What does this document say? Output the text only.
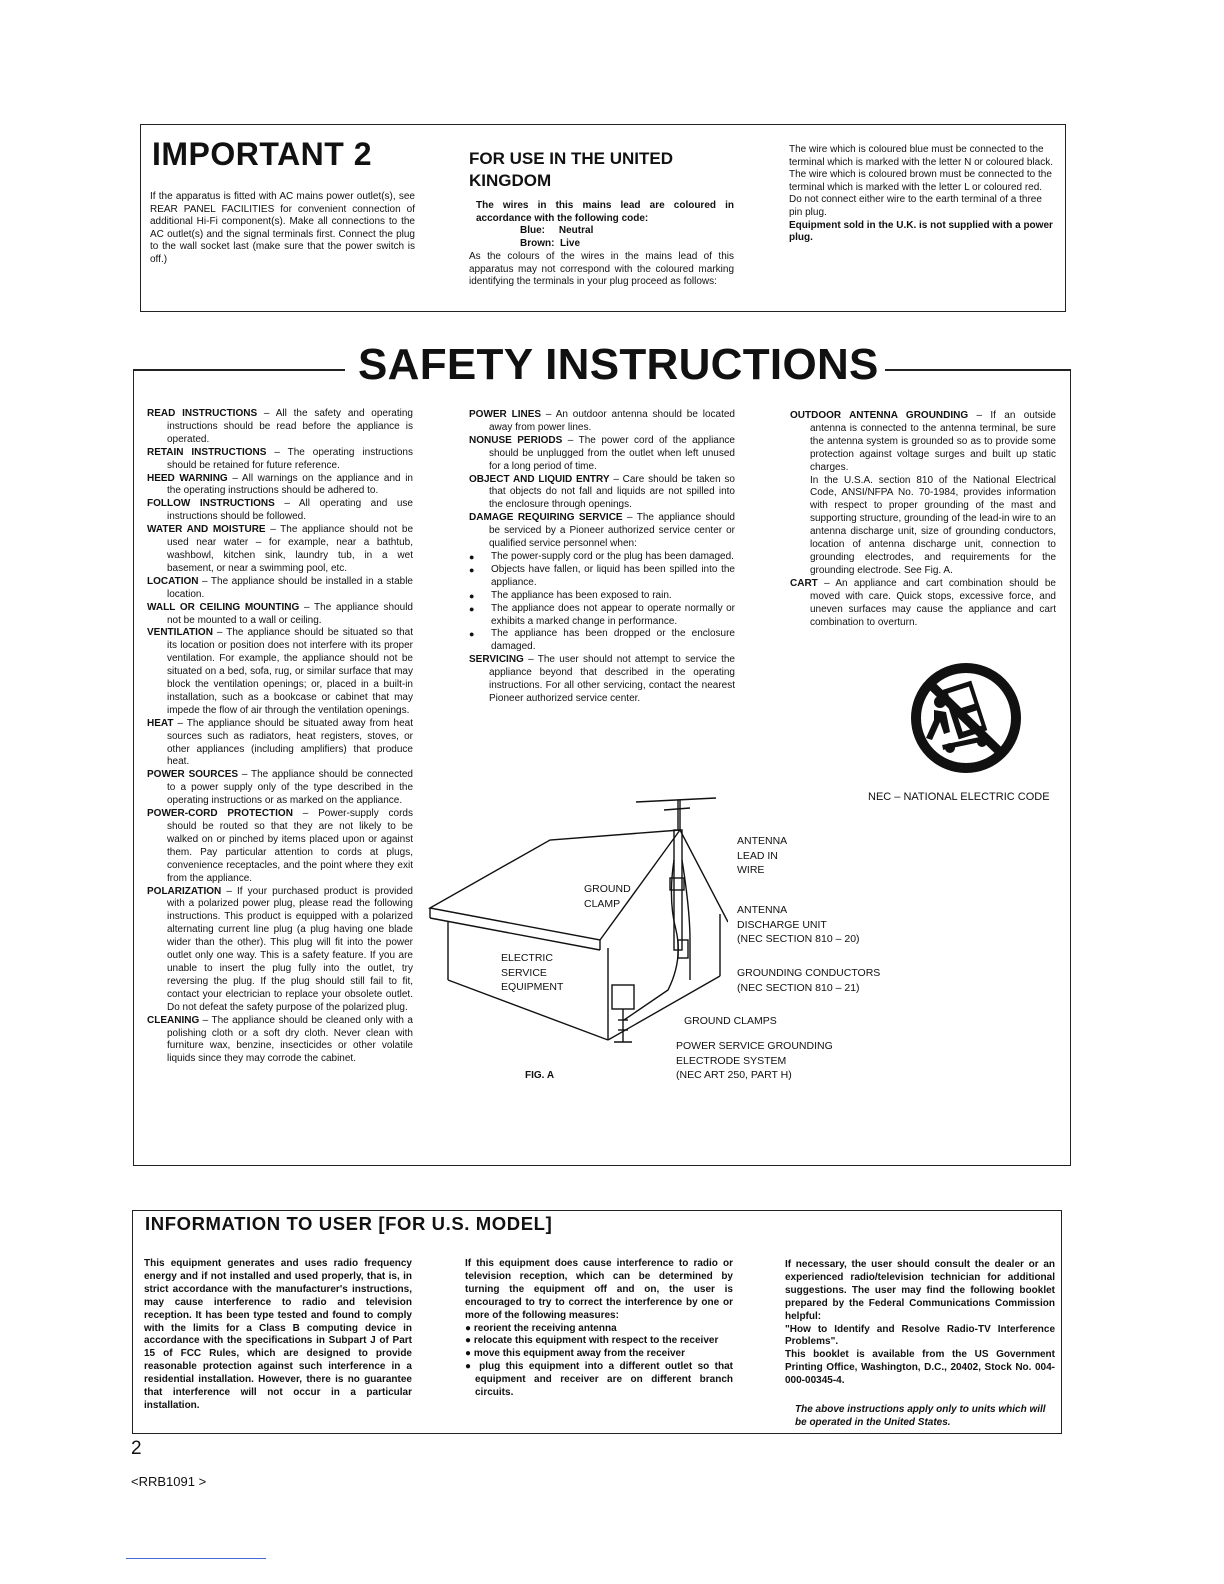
IMPORTANT 2
If the apparatus is fitted with AC mains power outlet(s), see REAR PANEL FACILITIES for convenient connection of additional Hi-Fi component(s). Make all connections to the AC outlet(s) and the signal terminals first. Connect the plug to the wall socket last (make sure that the power switch is off.)
FOR USE IN THE UNITED KINGDOM
The wires in this mains lead are coloured in accordance with the following code:
Blue:     Neutral
Brown:  Live
As the colours of the wires in the mains lead of this apparatus may not correspond with the coloured marking identifying the terminals in your plug proceed as follows:

The wire which is coloured blue must be connected to the terminal which is marked with the letter N or coloured black.

The wire which is coloured brown must be connected to the terminal which is marked with the letter L or coloured red.

Do not connect either wire to the earth terminal of a three pin plug.

Equipment sold in the U.K. is not supplied with a power plug.

SAFETY INSTRUCTIONS

READ INSTRUCTIONS – All the safety and operating instructions should be read before the appliance is operated.

RETAIN INSTRUCTIONS – The operating instructions should be retained for future reference.

HEED WARNING – All warnings on the appliance and in the operating instructions should be adhered to.

FOLLOW INSTRUCTIONS – All operating and use instructions should be followed.

WATER AND MOISTURE – The appliance should not be used near water – for example, near a bathtub, washbowl, kitchen sink, laundry tub, in a wet basement, or near a swimming pool, etc.

LOCATION – The appliance should be installed in a stable location.

WALL OR CEILING MOUNTING – The appliance should not be mounted to a wall or ceiling.

VENTILATION – The appliance should be situated so that its location or position does not interfere with its proper ventilation. For example, the appliance should not be situated on a bed, sofa, rug, or similar surface that may block the ventilation openings; or, placed in a built-in installation, such as a bookcase or cabinet that may impede the flow of air through the ventilation openings.

HEAT – The appliance should be situated away from heat sources such as radiators, heat registers, stoves, or other appliances (including amplifiers) that produce heat.

POWER SOURCES – The appliance should be connected to a power supply only of the type described in the operating instructions or as marked on the appliance.

POWER-CORD PROTECTION – Power-supply cords should be routed so that they are not likely to be walked on or pinched by items placed upon or against them. Pay particular attention to cords at plugs, convenience receptacles, and the point where they exit from the appliance.

POLARIZATION – If your purchased product is provided with a polarized power plug, please read the following instructions. This product is equipped with a polarized alternating current line plug (a plug having one blade wider than the other). This plug will fit into the power outlet only one way. This is a safety feature. If you are unable to insert the plug fully into the outlet, try reversing the plug. If the plug should still fail to fit, contact your electrician to replace your obsolete outlet. Do not defeat the safety purpose of the polarized plug.

CLEANING – The appliance should be cleaned only with a polishing cloth or a soft dry cloth. Never clean with furniture wax, benzine, insecticides or other volatile liquids since they may corrode the cabinet.

POWER LINES – An outdoor antenna should be located away from power lines.

NONUSE PERIODS – The power cord of the appliance should be unplugged from the outlet when left unused for a long period of time.

OBJECT AND LIQUID ENTRY – Care should be taken so that objects do not fall and liquids are not spilled into the enclosure through openings.

DAMAGE REQUIRING SERVICE – The appliance should be serviced by a Pioneer authorized service center or qualified service personnel when:

● The power-supply cord or the plug has been damaged.

● Objects have fallen, or liquid has been spilled into the appliance.

● The appliance has been exposed to rain.

● The appliance does not appear to operate normally or exhibits a marked change in performance.

● The appliance has been dropped or the enclosure damaged.

SERVICING – The user should not attempt to service the appliance beyond that described in the operating instructions. For all other servicing, contact the nearest Pioneer authorized service center.

OUTDOOR ANTENNA GROUNDING – If an outside antenna is connected to the antenna terminal, be sure the antenna system is grounded so as to provide some protection against voltage surges and built up static charges.

In the U.S.A. section 810 of the National Electrical Code, ANSI/NFPA No. 70-1984, provides information with respect to proper grounding of the mast and supporting structure, grounding of the lead-in wire to an antenna discharge unit, size of grounding conductors, location of antenna discharge unit, connection to grounding electrodes, and requirements for the grounding electrode. See Fig. A.

CART – An appliance and cart combination should be moved with care. Quick stops, excessive force, and uneven surfaces may cause the appliance and cart combination to overturn.

NEC – NATIONAL ELECTRIC CODE
ANTENNA
LEAD IN
WIRE
GROUND
CLAMP
ANTENNA
DISCHARGE UNIT
(NEC SECTION 810 – 20)
ELECTRIC
SERVICE
EQUIPMENT
GROUNDING CONDUCTORS
(NEC SECTION 810 – 21)
GROUND CLAMPS
POWER SERVICE GROUNDING
ELECTRODE SYSTEM
(NEC ART 250, PART H)
FIG. A
INFORMATION TO USER [FOR U.S. MODEL]

This equipment generates and uses radio frequency energy and if not installed and used properly, that is, in strict accordance with the manufacturer's instructions, may cause interference to radio and television reception. It has been type tested and found to comply with the limits for a Class B computing device in accordance with the specifications in Subpart J of Part 15 of FCC Rules, which are designed to provide reasonable protection against such interference in a residential installation. However, there is no guarantee that interference will not occur in a particular installation.

If this equipment does cause interference to radio or television reception, which can be determined by turning the equipment off and on, the user is encouraged to try to correct the interference by one or more of the following measures:

● reorient the receiving antenna

● relocate this equipment with respect to the receiver

● move this equipment away from the receiver

● plug this equipment into a different outlet so that equipment and receiver are on different branch circuits.

If necessary, the user should consult the dealer or an experienced radio/television technician for additional suggestions. The user may find the following booklet prepared by the Federal Communications Commission helpful:

"How to Identify and Resolve Radio-TV Interference Problems".

This booklet is available from the US Government Printing Office, Washington, D.C., 20402, Stock No. 004-000-00345-4.

The above instructions apply only to units which will be operated in the United States.
2
<RRB1091 >
